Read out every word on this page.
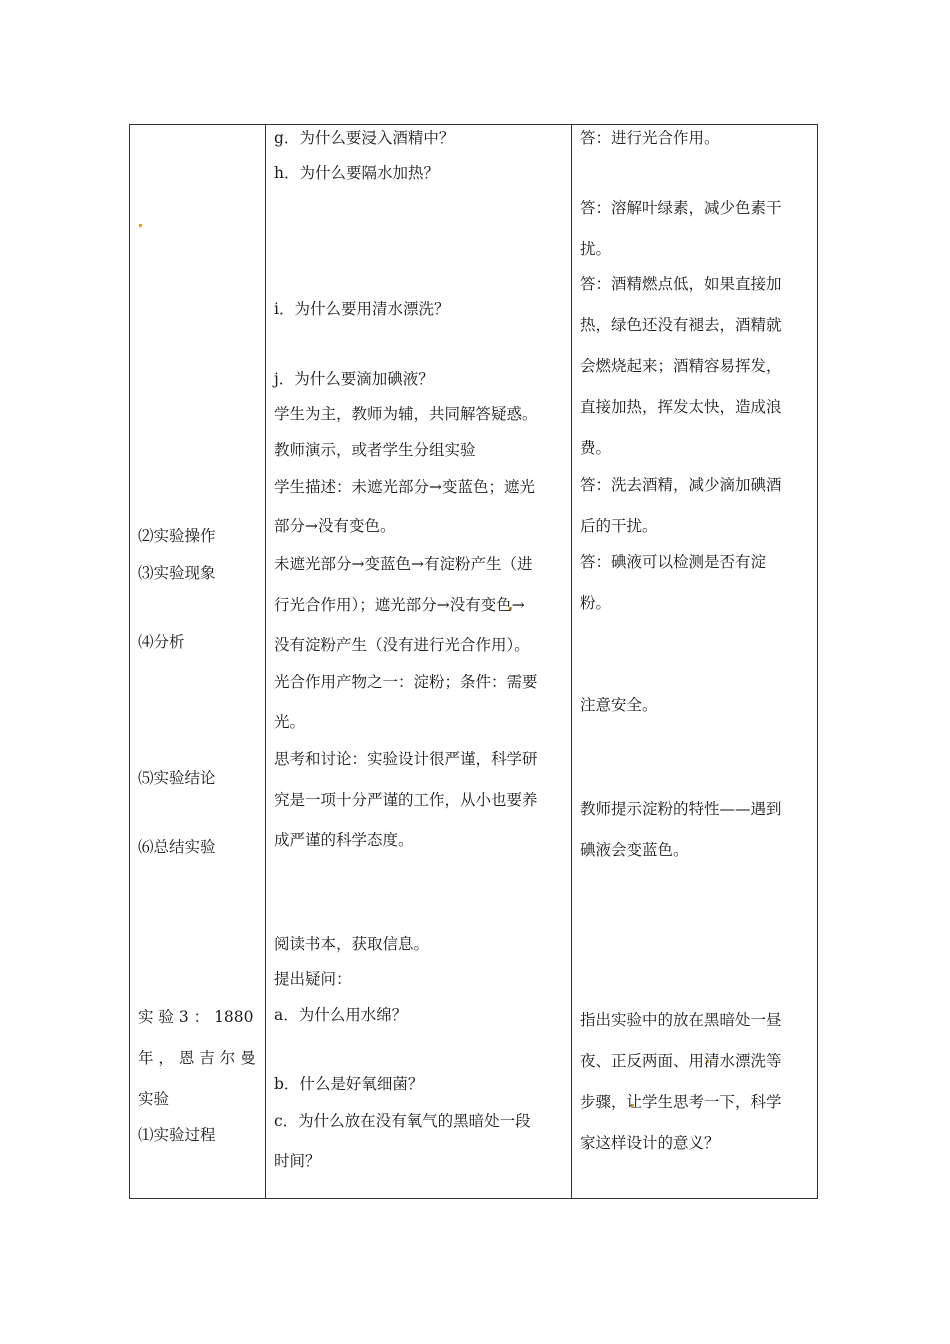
⑵实验操作
⑶实验现象
⑷分析
⑸实验结论
⑹总结实验
实 验 3 ： 1880
年 ， 恩 吉 尔 曼
实验
⑴实验过程
g．为什么要浸入酒精中？
h．为什么要隔水加热？
i．为什么要用清水漂洗？
j．为什么要滴加碘液？
学生为主，教师为辅，共同解答疑惑。
教师演示，或者学生分组实验
学生描述：未遮光部分→变蓝色；遮光
部分→没有变色。
未遮光部分→变蓝色→有淀粉产生（进
行光合作用）；遮光部分→没有变色→
没有淀粉产生（没有进行光合作用）。
光合作用产物之一：淀粉；条件：需要
光。
思考和讨论：实验设计很严谨，科学研
究是一项十分严谨的工作，从小也要养
成严谨的科学态度。
阅读书本，获取信息。
提出疑问：
a．为什么用水绵？
b．什么是好氧细菌？
c．为什么放在没有氧气的黑暗处一段
时间？
答：进行光合作用。
答：溶解叶绿素，减少色素干
扰。
答：酒精燃点低，如果直接加
热，绿色还没有褪去，酒精就
会燃烧起来；酒精容易挥发，
直接加热，挥发太快，造成浪
费。
答：洗去酒精，减少滴加碘酒
后的干扰。
答：碘液可以检测是否有淀
粉。
注意安全。
教师提示淀粉的特性——遇到
碘液会变蓝色。
指出实验中的放在黑暗处一昼
夜、正反两面、用清水漂洗等
步骤，让学生思考一下，科学
家这样设计的意义？
